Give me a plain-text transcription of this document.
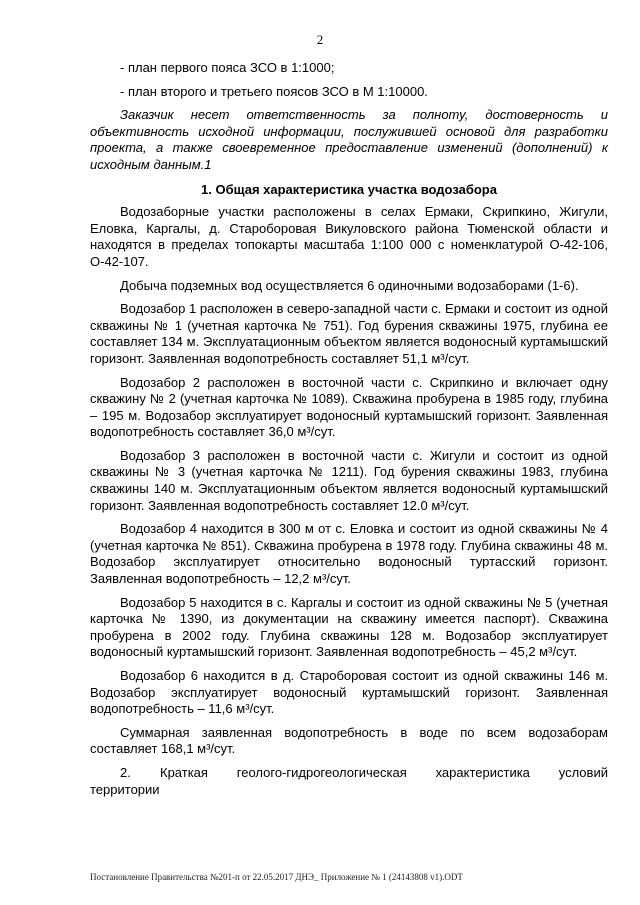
2
- план первого пояса ЗСО в 1:1000;
- план второго и третьего поясов ЗСО в М 1:10000.

Заказчик несет ответственность за полноту, достоверность и объективность исходной информации, послужившей основой для разработки проекта, а также своевременное предоставление изменений (дополнений) к исходным данным.1

1. Общая характеристика участка водозабора

Водозаборные участки расположены в селах Ермаки, Скрипкино, Жигули, Еловка, Каргалы, д. Староборовая Викуловского района Тюменской области и находятся в пределах топокарты масштаба 1:100 000 с номенклатурой О-42-106, О-42-107.

Добыча подземных вод осуществляется 6 одиночными водозаборами (1-6).

Водозабор 1 расположен в северо-западной части с. Ермаки и состоит из одной скважины № 1 (учетная карточка № 751). Год бурения скважины 1975, глубина ее составляет 134 м. Эксплуатационным объектом является водоносный куртамышский горизонт. Заявленная водопотребность составляет 51,1 м³/сут.

Водозабор 2 расположен в восточной части с. Скрипкино и включает одну скважину № 2 (учетная карточка № 1089). Скважина пробурена в 1985 году, глубина – 195 м. Водозабор эксплуатирует водоносный куртамышский горизонт. Заявленная водопотребность составляет 36,0 м³/сут.

Водозабор 3 расположен в восточной части с. Жигули и состоит из одной скважины № 3 (учетная карточка № 1211). Год бурения скважины 1983, глубина скважины 140 м. Эксплуатационным объектом является водоносный куртамышский горизонт. Заявленная водопотребность составляет 12.0 м³/сут.

Водозабор 4 находится в 300 м от с. Еловка и состоит из одной скважины № 4 (учетная карточка № 851). Скважина пробурена в 1978 году. Глубина скважины 48 м. Водозабор эксплуатирует относительно водоносный туртасский горизонт. Заявленная водопотребность – 12,2 м³/сут.

Водозабор 5 находится в с. Каргалы и состоит из одной скважины № 5 (учетная карточка № 1390, из документации на скважину имеется паспорт). Скважина пробурена в 2002 году. Глубина скважины 128 м. Водозабор эксплуатирует водоносный куртамышский горизонт. Заявленная водопотребность – 45,2 м³/сут.

Водозабор 6 находится в д. Староборовая состоит из одной скважины 146 м. Водозабор эксплуатирует водоносный куртамышский горизонт. Заявленная водопотребность – 11,6 м³/сут.

Суммарная заявленная водопотребность в воде по всем водозаборам составляет 168,1 м³/сут.

2.	Краткая геолого-гидрогеологическая характеристика условий
территории
Постановление Правительства №201-п от 22.05.2017 ДНЭ_ Приложение № 1 (24143808 v1).ODT
